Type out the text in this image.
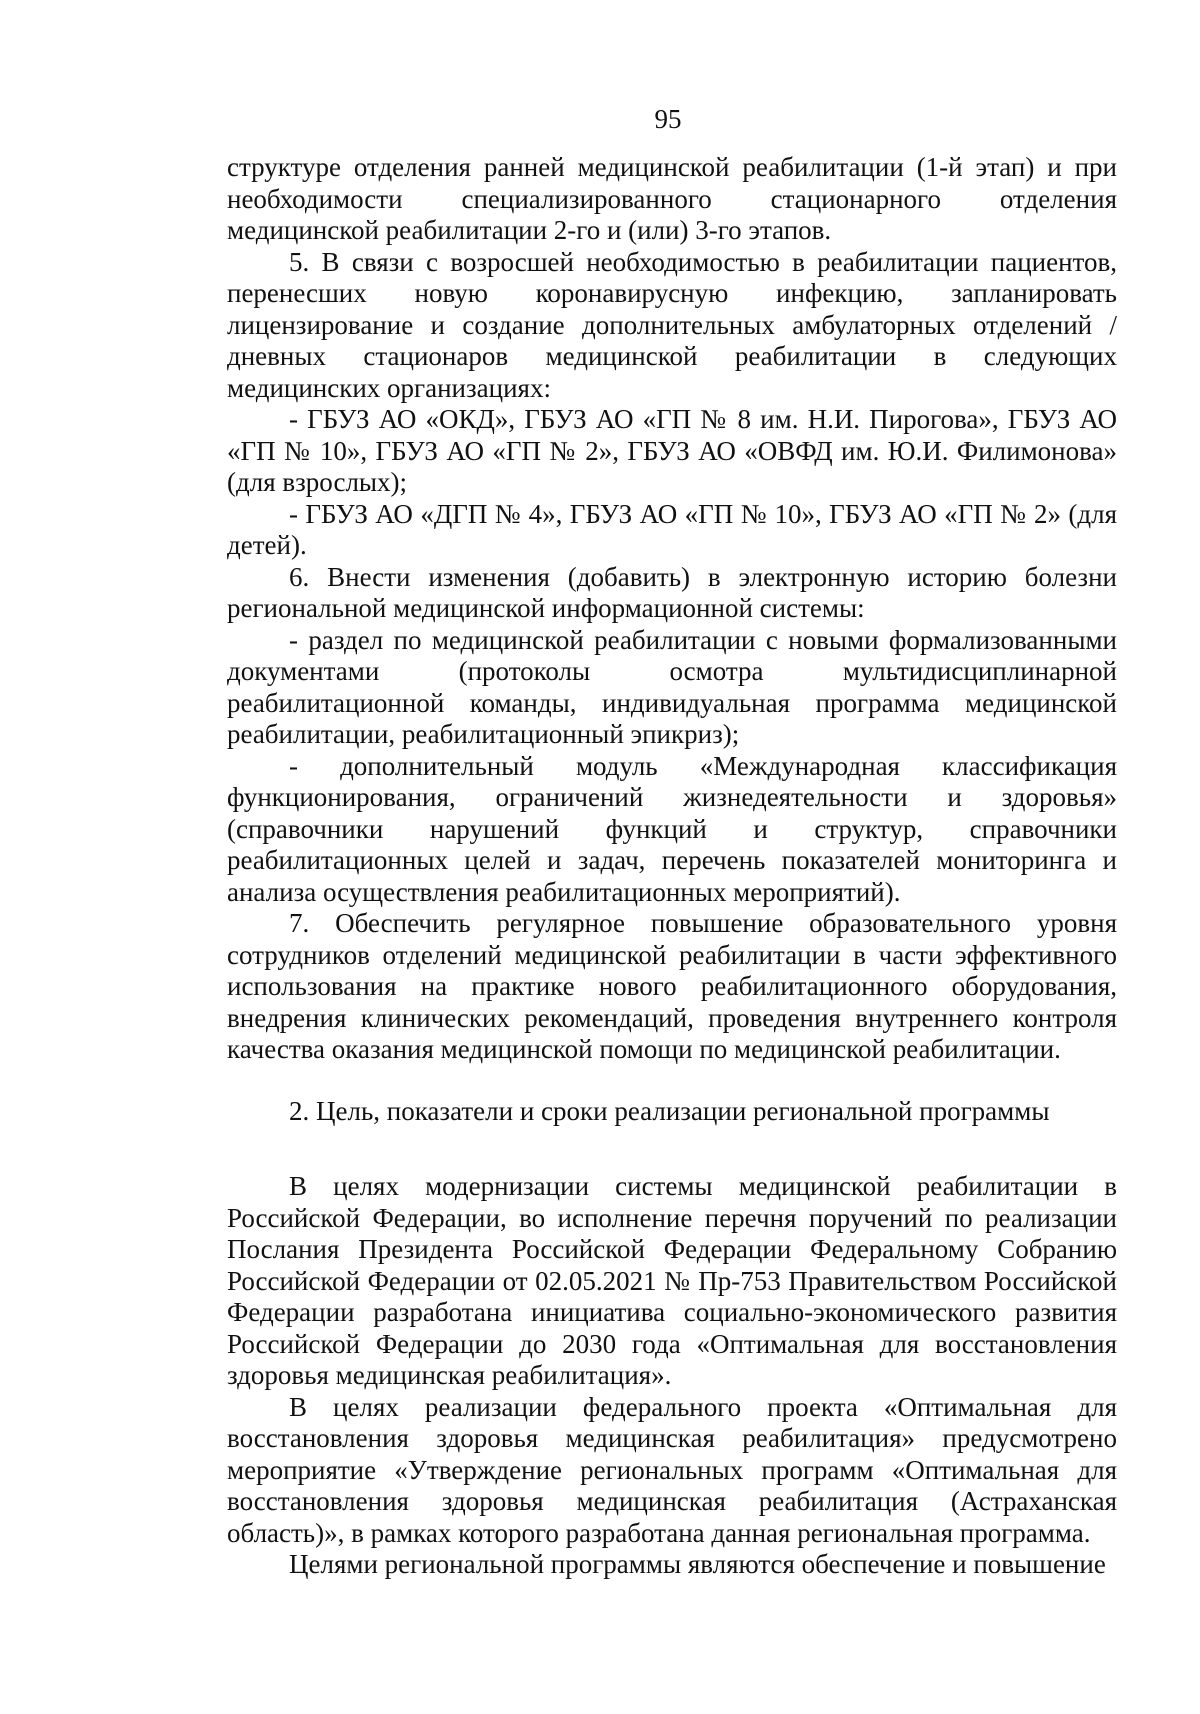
95

структуре отделения ранней медицинской реабилитации (1-й этап) и при необходимости специализированного стационарного отделения медицинской реабилитации 2-го и (или) 3-го этапов.

5. В связи с возросшей необходимостью в реабилитации пациентов, перенесших новую коронавирусную инфекцию, запланировать лицензирование и создание дополнительных амбулаторных отделений / дневных стационаров медицинской реабилитации в следующих медицинских организациях:

- ГБУЗ АО «ОКД», ГБУЗ АО «ГП № 8 им. Н.И. Пирогова», ГБУЗ АО «ГП № 10», ГБУЗ АО «ГП № 2», ГБУЗ АО «ОВФД им. Ю.И. Филимонова» (для взрослых);

- ГБУЗ АО «ДГП № 4», ГБУЗ АО «ГП № 10», ГБУЗ АО «ГП № 2» (для детей).

6. Внести изменения (добавить) в электронную историю болезни региональной медицинской информационной системы:

- раздел по медицинской реабилитации с новыми формализованными документами (протоколы осмотра мультидисциплинарной реабилитационной команды, индивидуальная программа медицинской реабилитации, реабилитационный эпикриз);

- дополнительный модуль «Международная классификация функционирования, ограничений жизнедеятельности и здоровья» (справочники нарушений функций и структур, справочники реабилитационных целей и задач, перечень показателей мониторинга и анализа осуществления реабилитационных мероприятий).

7. Обеспечить регулярное повышение образовательного уровня сотрудников отделений медицинской реабилитации в части эффективного использования на практике нового реабилитационного оборудования, внедрения клинических рекомендаций, проведения внутреннего контроля качества оказания медицинской помощи по медицинской реабилитации.

2. Цель, показатели и сроки реализации региональной программы

В целях модернизации системы медицинской реабилитации в Российской Федерации, во исполнение перечня поручений по реализации Послания Президента Российской Федерации Федеральному Собранию Российской Федерации от 02.05.2021 № Пр-753 Правительством Российской Федерации разработана инициатива социально-экономического развития Российской Федерации до 2030 года «Оптимальная для восстановления здоровья медицинская реабилитация».

В целях реализации федерального проекта «Оптимальная для восстановления здоровья медицинская реабилитация» предусмотрено мероприятие «Утверждение региональных программ «Оптимальная для восстановления здоровья медицинская реабилитация (Астраханская область)», в рамках которого разработана данная региональная программа.

Целями региональной программы являются обеспечение и повышение
